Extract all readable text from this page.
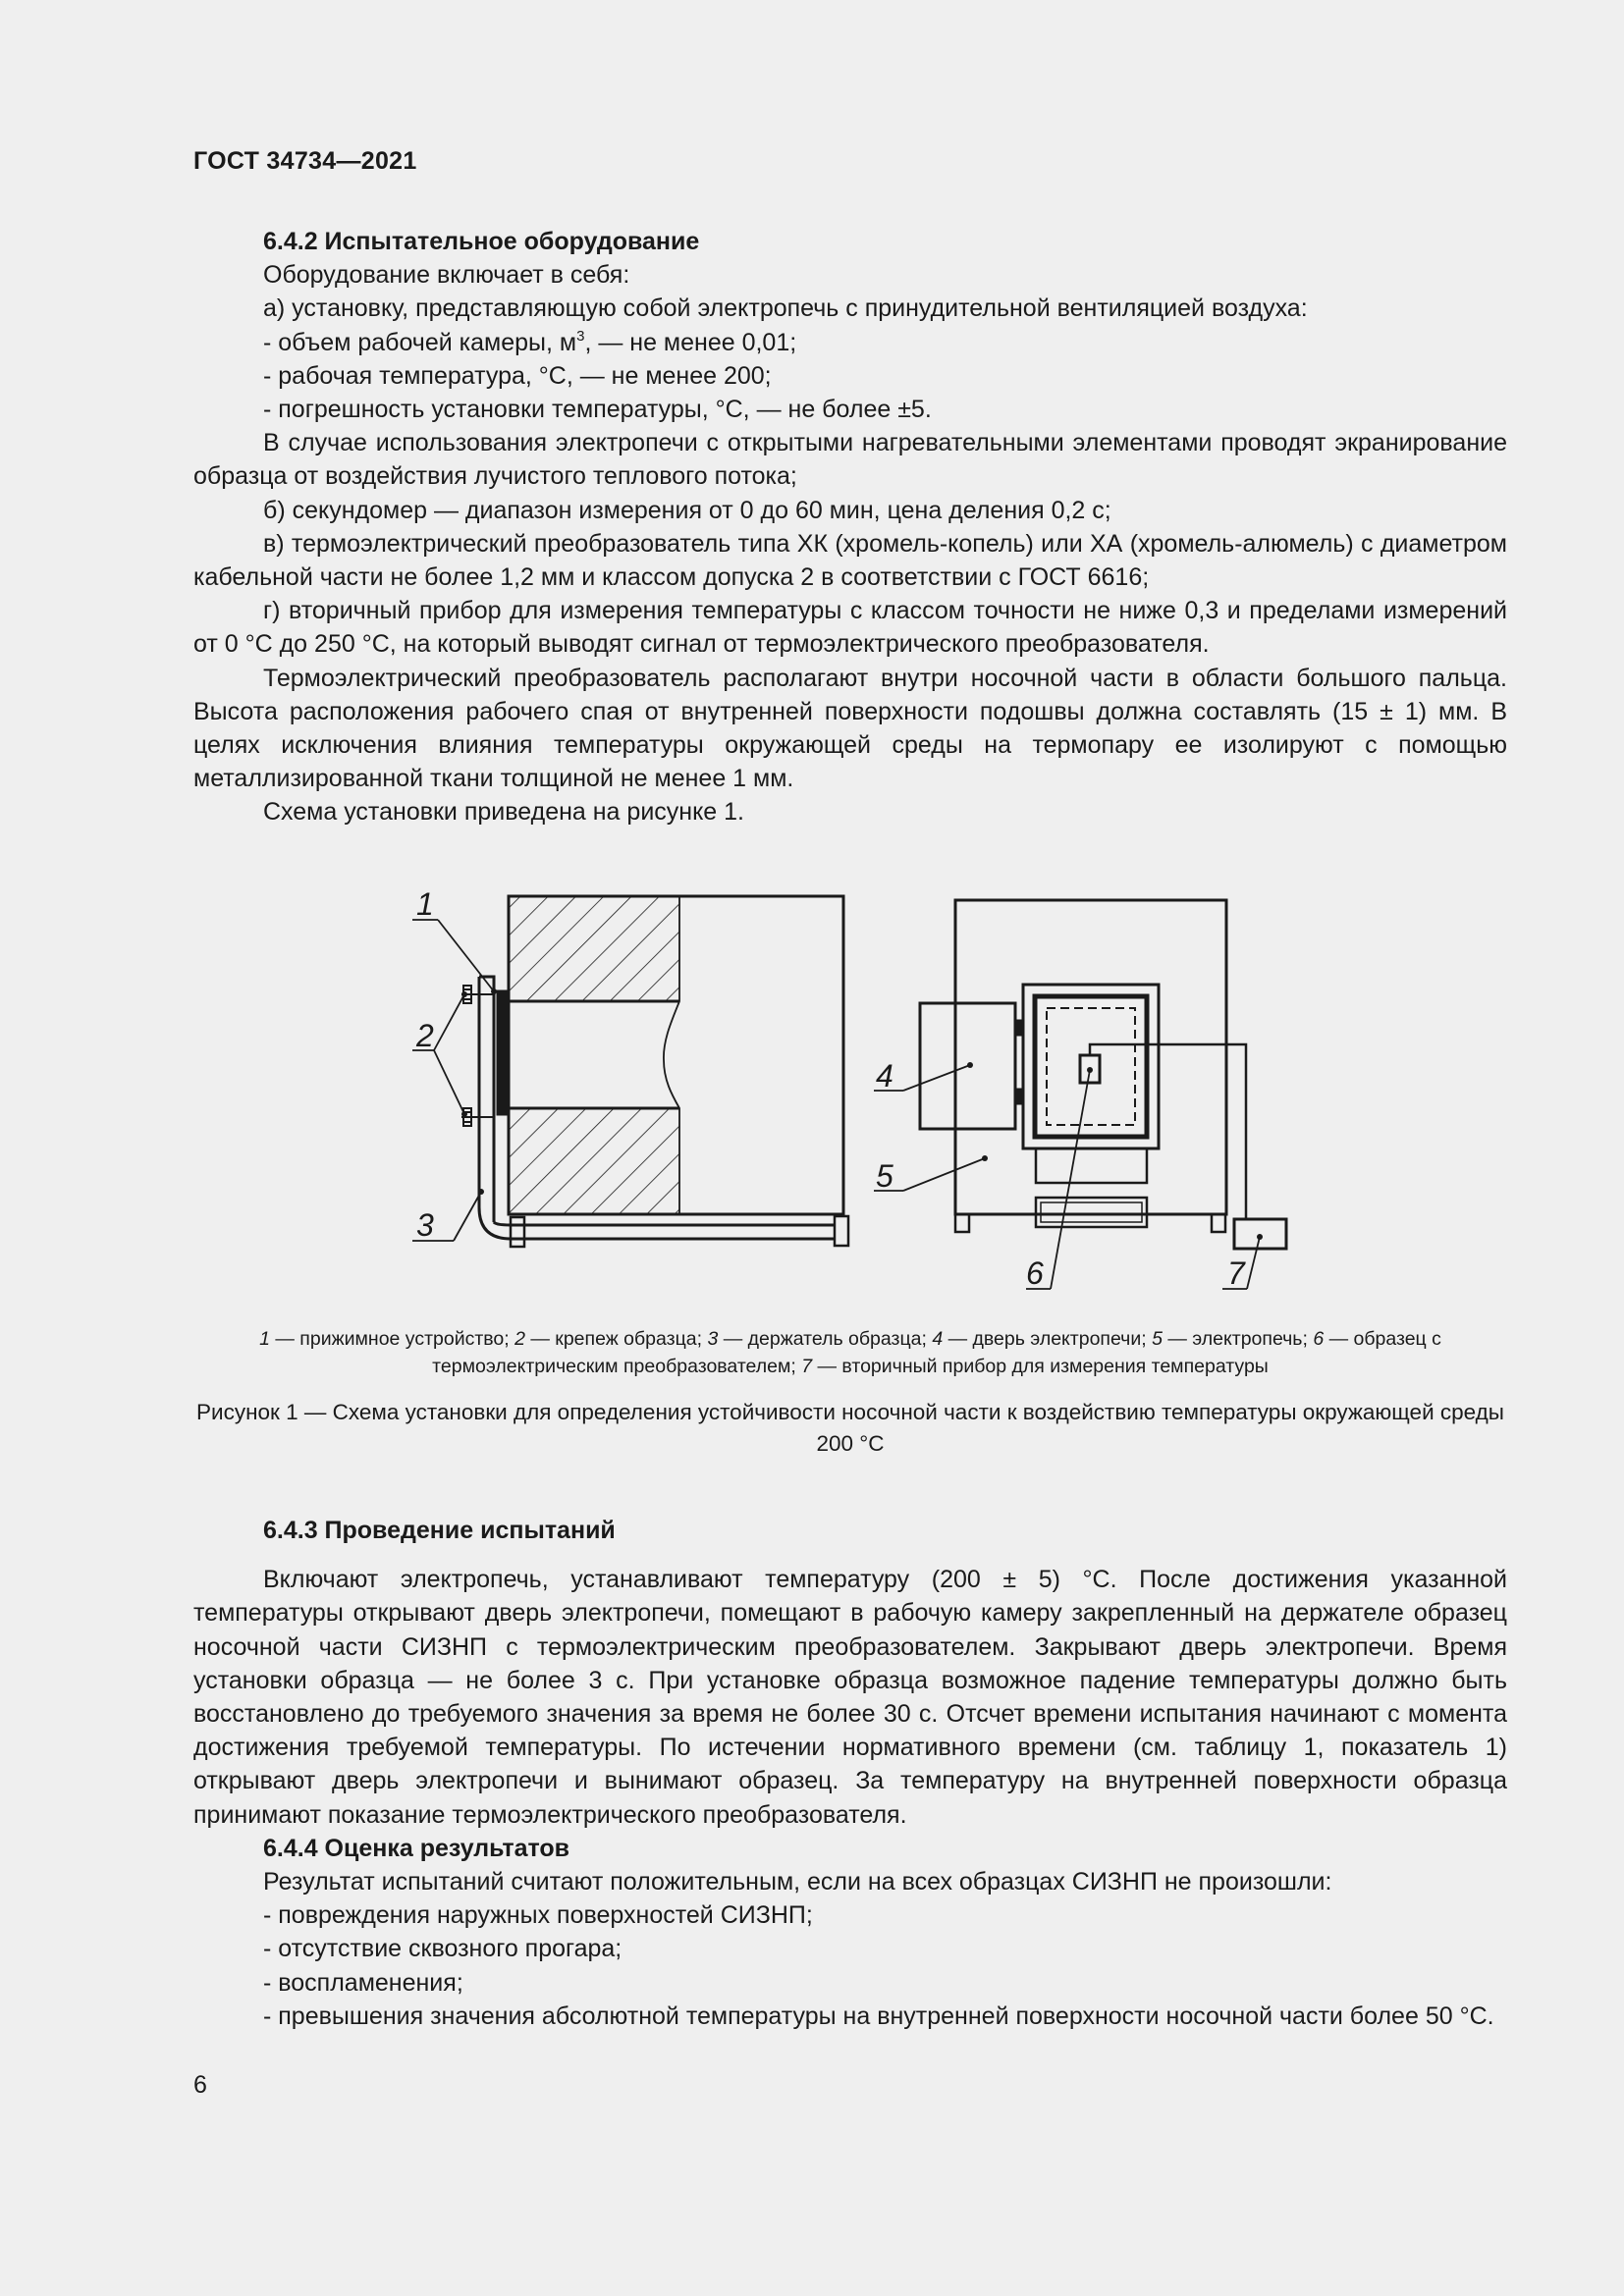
ГОСТ 34734—2021

6.4.2 Испытательное оборудование

Оборудование включает в себя:

а) установку, представляющую собой электропечь с принудительной вентиляцией воздуха:

- объем рабочей камеры, $м^3$, — не менее 0,01;

- рабочая температура, °С, — не менее 200;

- погрешность установки температуры, °С, — не более ±5.

В случае использования электропечи с открытыми нагревательными элементами проводят экранирование образца от воздействия лучистого теплового потока;

б) секундомер — диапазон измерения от 0 до 60 мин, цена деления 0,2 с;

в) термоэлектрический преобразователь типа ХК (хромель-копель) или ХА (хромель-алюмель) с диаметром кабельной части не более 1,2 мм и классом допуска 2 в соответствии с ГОСТ 6616;

г) вторичный прибор для измерения температуры с классом точности не ниже 0,3 и пределами измерений от 0 °С до 250 °С, на который выводят сигнал от термоэлектрического преобразователя.

Термоэлектрический преобразователь располагают внутри носочной части в области большого пальца. Высота расположения рабочего спая от внутренней поверхности подошвы должна составлять (15 ± 1) мм. В целях исключения влияния температуры окружающей среды на термопару ее изолируют с помощью металлизированной ткани толщиной не менее 1 мм.

Схема установки приведена на рисунке 1.

1
2
3
4
5
6	7
1 — прижимное устройство; 2 — крепеж образца; 3 — держатель образца; 4 — дверь электропечи; 5 — электропечь; 6 — образец с термоэлектрическим преобразователем; 7 — вторичный прибор для измерения температуры
Рисунок 1 — Схема установки для определения устойчивости носочной части к воздействию температуры окружающей среды 200 °С

6.4.3 Проведение испытаний

Включают электропечь, устанавливают температуру (200 ± 5) °С. После достижения указанной температуры открывают дверь электропечи, помещают в рабочую камеру закрепленный на держателе образец носочной части СИЗНП с термоэлектрическим преобразователем. Закрывают дверь электропечи. Время установки образца — не более 3 с. При установке образца возможное падение температуры должно быть восстановлено до требуемого значения за время не более 30 с. Отсчет времени испытания начинают с момента достижения требуемой температуры. По истечении нормативного времени (см. таблицу 1, показатель 1) открывают дверь электропечи и вынимают образец. За температуру на внутренней поверхности образца принимают показание термоэлектрического преобразователя.

6.4.4 Оценка результатов

Результат испытаний считают положительным, если на всех образцах СИЗНП не произошли:

- повреждения наружных поверхностей СИЗНП;

- отсутствие сквозного прогара;

- воспламенения;

- превышения значения абсолютной температуры на внутренней поверхности носочной части более 50 °С.

6
